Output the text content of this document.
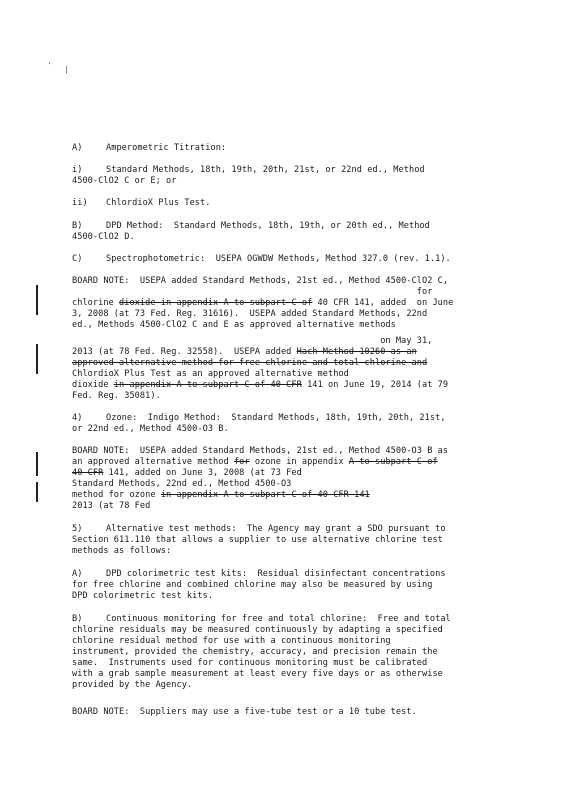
' |
A)	Amperometric Titration:
i)	Standard Methods, 18th, 19th, 20th, 21st, or 22nd ed., Method
4500-ClO2 C or E; or
ii) ChlordioX Plus Test.
B)	DPD Method:  Standard Methods, 18th, 19th, or 20th ed., Method
4500-ClO2 D.
C)	Spectrophotometric:  USEPA OGWDW Methods, Method 327.0 (rev. 1.1).
BOARD NOTE:  USEPA added Standard Methods, 21st ed., Method 4500-ClO2 C,
for
chlorine dioxide in appendix A to subpart C of 40 CFR 141, added  on June
3, 2008 (at 73 Fed. Reg. 31616).  USEPA added Standard Methods, 22nd
ed., Methods 4500-ClO2 C and E as approved alternative methods
on May 31,
2013 (at 78 Fed. Reg. 32558).  USEPA added Hach Method 10260 as an
approved alternative method for free chlorine and total chlorine and
ChlordioX Plus Test as an approved alternative method
dioxide in appendix A to subpart C of 40 CFR 141 on June 19, 2014 (at 79
Fed. Reg. 35081).
4)	Ozone:  Indigo Method:  Standard Methods, 18th, 19th, 20th, 21st,
or 22nd ed., Method 4500-O3 B.
BOARD NOTE:  USEPA added Standard Methods, 21st ed., Method 4500-O3 B as
an approved alternative method for ozone in appendix A to subpart C of
40 CFR 141, added on June 3, 2008 (at 73 Fed
Standard Methods, 22nd ed., Method 4500-O3
method for ozone in appendix A to subpart C of 40 CFR 141
2013 (at 78 Fed
5)	Alternative test methods:  The Agency may grant a SDO pursuant to
Section 611.110 that allows a supplier to use alternative chlorine test
methods as follows:
A)	DPD colorimetric test kits:  Residual disinfectant concentrations
for free chlorine and combined chlorine may also be measured by using
DPD colorimetric test kits.
B)	Continuous monitoring for free and total chlorine:  Free and total
chlorine residuals may be measured continuously by adapting a specified
chlorine residual method for use with a continuous monitoring
instrument, provided the chemistry, accuracy, and precision remain the
same.  Instruments used for continuous monitoring must be calibrated
with a grab sample measurement at least every five days or as otherwise
provided by the Agency.
BOARD NOTE:  Suppliers may use a five-tube test or a 10 tube test.
